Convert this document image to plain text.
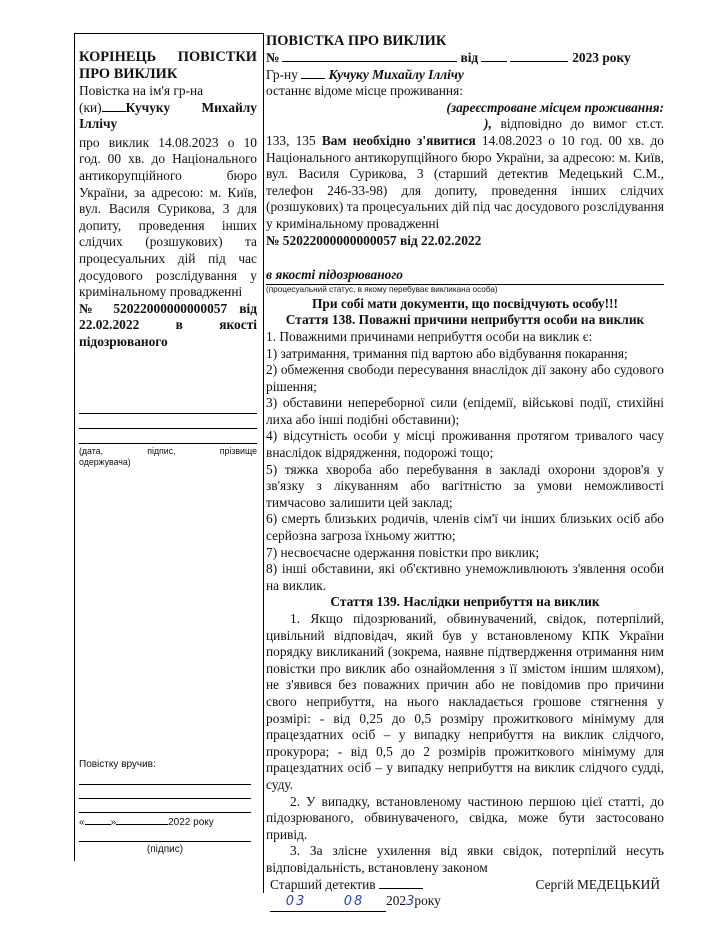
КОРІНЕЦЬ ПОВІСТКИ ПРО ВИКЛИК

Повістка на ім'я гр-на

(ки) Кучуку Михайлу Іллічу

про виклик 14.08.2023 о 10 год. 00 хв. до Національного антикорупційного бюро України, за адресою: м. Київ, вул. Василя Сурикова, 3 для допиту, проведення інших слідчих (розшукових) та процесуальних дій під час досудового розслідування у кримінальному провадженні

№ 52022000000000057 від 22.02.2022 в якості підозрюваного

(дата,	підпис,	прізвище
одержувача)

Повістку вручив:

«	»	2022 року
(підпис)

ПОВІСТКА ПРО ВИКЛИК

№	від	2023 року

Гр-ну Кучуку Михайлу Іллічу

останнє відоме місце проживання:

(зареєстроване місцем проживання:

), відповідно до вимог ст.ст. 133, 135 Вам необхідно з'явитися 14.08.2023 о 10 год. 00 хв. до Національного антикорупційного бюро України, за адресою: м. Київ, вул. Василя Сурикова, 3 (старший детектив Медецький С.М., телефон 246-33-98) для допиту, проведення інших слідчих (розшукових) та процесуальних дій під час досудового розслідування у кримінальному провадженні

№ 52022000000000057 від 22.02.2022

в якості підозрюваного

(процесуальний статус, в якому перебуває викликана особа)

При собі мати документи, що посвідчують особу!!!

Стаття 138. Поважні причини неприбуття особи на виклик

1. Поважними причинами неприбуття особи на виклик є:

1) затримання, тримання під вартою або відбування покарання;

2) обмеження свободи пересування внаслідок дії закону або судового рішення;

3) обставини непереборної сили (епідемії, військові події, стихійні лиха або інші подібні обставини);

4) відсутність особи у місці проживання протягом тривалого часу внаслідок відрядження, подорожі тощо;

5) тяжка хвороба або перебування в закладі охорони здоров'я у зв'язку з лікуванням або вагітністю за умови неможливості тимчасово залишити цей заклад;

6) смерть близьких родичів, членів сім'ї чи інших близьких осіб або серйозна загроза їхньому життю;

7) несвоєчасне одержання повістки про виклик;

8) інші обставини, які об'єктивно унеможливлюють з'явлення особи на виклик.

Стаття 139. Наслідки неприбуття на виклик

1. Якщо підозрюваний, обвинувачений, свідок, потерпілий, цивільний відповідач, який був у встановленому КПК України порядку викликаний (зокрема, наявне підтвердження отримання ним повістки про виклик або ознайомлення з її змістом іншим шляхом), не з'явився без поважних причин або не повідомив про причини свого неприбуття, на нього накладається грошове стягнення у розмірі: - від 0,25 до 0,5 розміру прожиткового мінімуму для працездатних осіб – у випадку неприбуття на виклик слідчого, прокурора; - від 0,5 до 2 розмірів прожиткового мінімуму для працездатних осіб – у випадку неприбуття на виклик слідчого судді, суду.

2. У випадку, встановленому частиною першою цієї статті, до підозрюваного, обвинуваченого, свідка, може бути застосовано привід.

3. За злісне ухилення від явки свідок, потерпілий несуть відповідальність, встановлену законом

Старший детектив	Сергій МЕДЕЦЬКИЙ
03	08	2023 року
